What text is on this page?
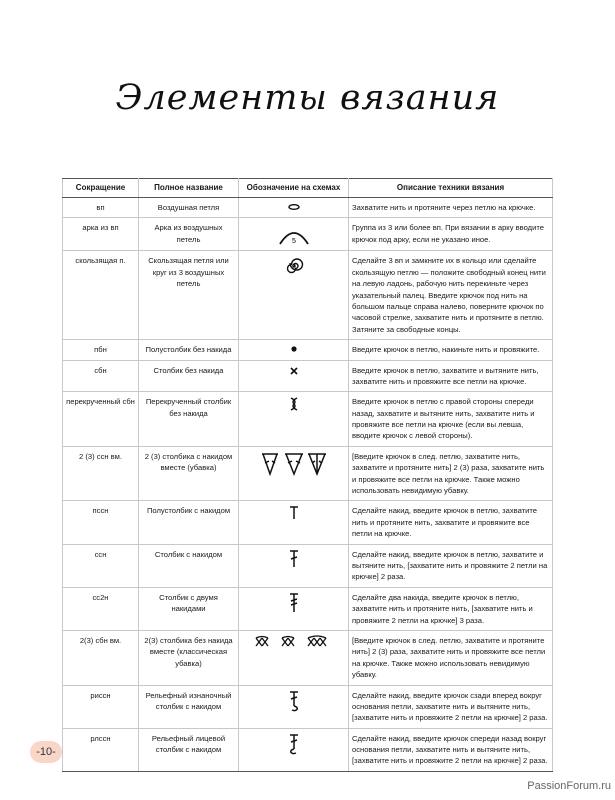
Элементы вязания
Сокращение	Полное название	Обозначение на схемах	Описание техники вязания
вп	Воздушная петля		Захватите нить и протяните через петлю на крючке.
арка из вп	Арка из воздушных петель	5	Группа из 3 или более вп. При вязании в арку вводите крючок под арку, если не указано иное.
скользящая п.	Скользящая петля или круг из 3 воздушных петель		Сделайте 3 вп и замкните их в кольцо или сделайте скользящую петлю — положите свободный конец нити на левую ладонь, рабочую нить перекиньте через указательный палец. Введите крючок под нить на большом пальце справа налево, поверните крючок по часовой стрелке, захватите нить и протяните в петлю. Затяните за свободные концы.
пбн	Полустолбик без накида		Введите крючок в петлю, накиньте нить и провяжите.
сбн	Столбик без накида		Введите крючок в петлю, захватите и вытяните нить, захватите нить и провяжите все петли на крючке.
перекрученный сбн	Перекрученный столбик без накида		Введите крючок в петлю с правой стороны спереди назад, захватите и вытяните нить, захватите нить и провяжите все петли на крючке (если вы левша, вводите крючок с левой стороны).
2 (3) ссн вм.	2 (3) столбика с накидом вместе (убавка)		[Введите крючок в след. петлю, захватите нить, захватите и протяните нить] 2 (3) раза, захватите нить и провяжите все петли на крючке. Также можно использовать невидимую убавку.
пссн	Полустолбик с накидом		Сделайте накид, введите крючок в петлю, захватите нить и протяните нить, захватите и провяжите все петли на крючке.
ссн	Столбик с накидом		Сделайте накид, введите крючок в петлю, захватите и вытяните нить, [захватите нить и провяжите 2 петли на крючке] 2 раза.
сс2н	Столбик с двумя накидами		Сделайте два накида, введите крючок в петлю, захватите нить и протяните нить, [захватите нить и провяжите 2 петли на крючке] 3 раза.
2(3) сбн вм.	2(3) столбика без накида вместе (классическая убавка)		[Введите крючок в след. петлю, захватите и протяните нить] 2 (3) раза, захватите нить и провяжите все петли на крючке. Также можно использовать невидимую убавку.
риссн	Рельефный изнаночный столбик с накидом		Сделайте накид, введите крючок сзади вперед вокруг основания петли, захватите нить и вытяните нить, [захватите нить и провяжите 2 петли на крючке] 2 раза.
рлссн	Рельефный лицевой столбик с накидом		Сделайте накид, введите крючок спереди назад вокруг основания петли, захватите нить и вытяните нить, [захватите нить и провяжите 2 петли на крючке] 2 раза.
-10-
PassionForum.ru
